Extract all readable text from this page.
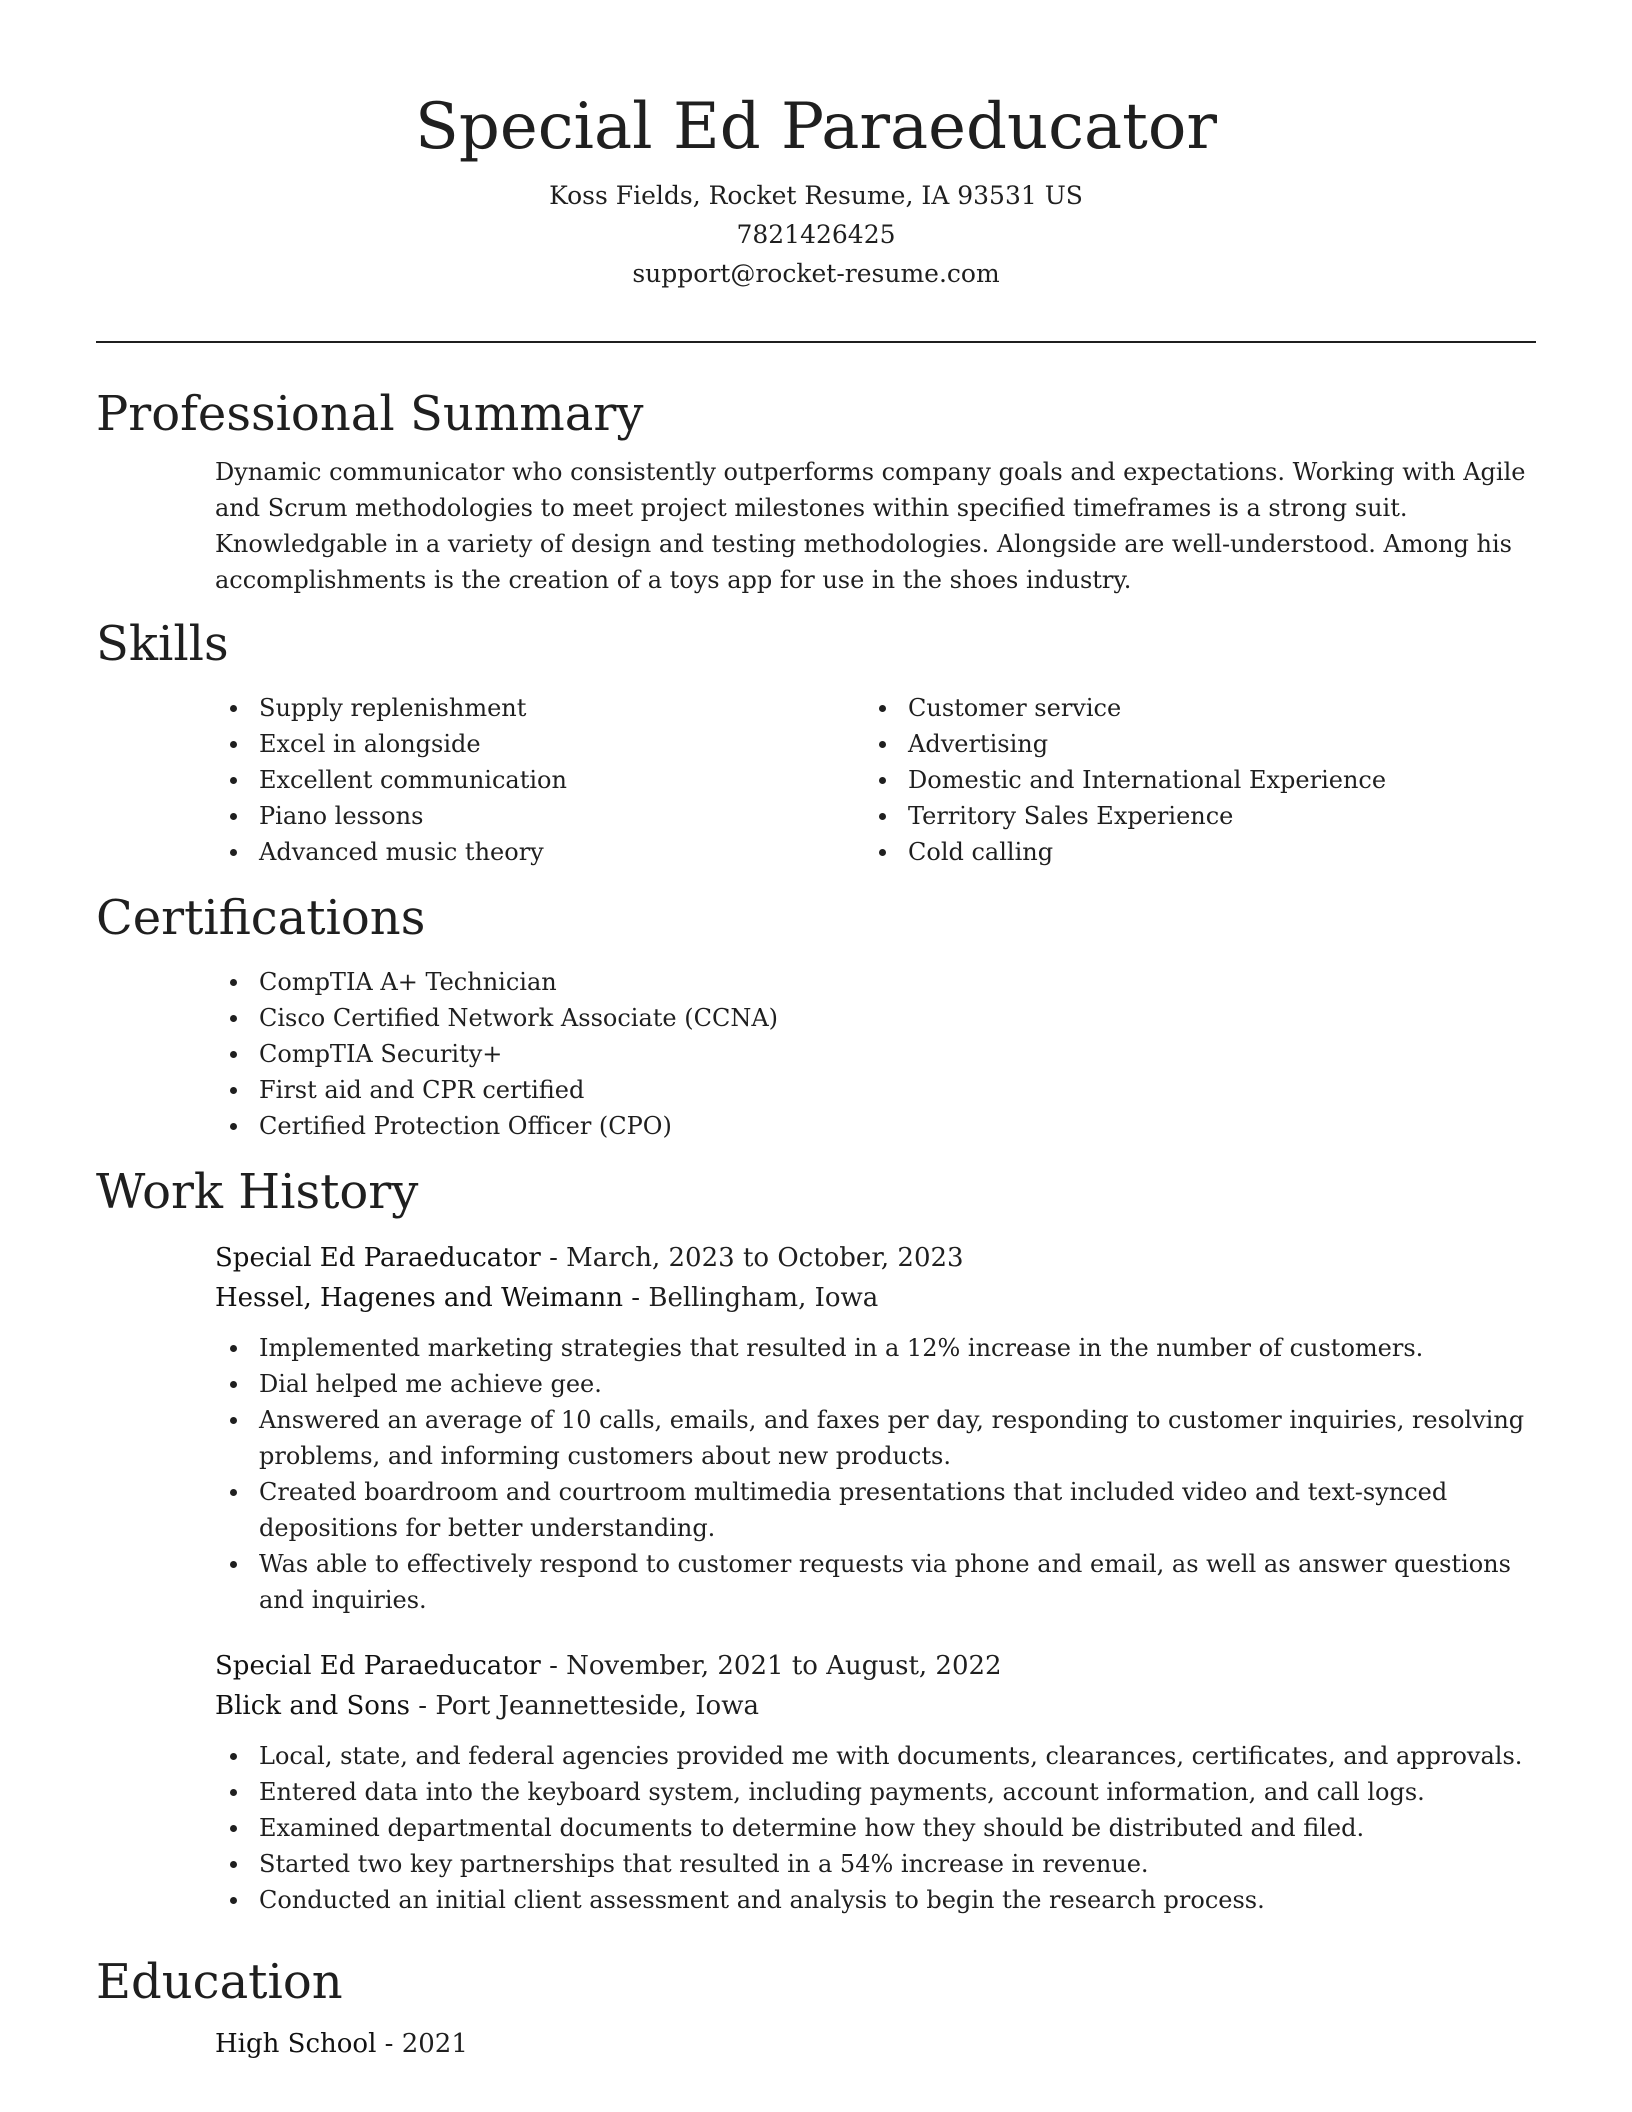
Special Ed Paraeducator
Koss Fields, Rocket Resume, IA 93531 US
7821426425
support@rocket-resume.com
Professional Summary
Dynamic communicator who consistently outperforms company goals and expectations. Working with Agile and Scrum methodologies to meet project milestones within specified timeframes is a strong suit. Knowledgable in a variety of design and testing methodologies. Alongside are well-understood. Among his accomplishments is the creation of a toys app for use in the shoes industry.
Skills
Supply replenishment
Excel in alongside
Excellent communication
Piano lessons
Advanced music theory
Customer service
Advertising
Domestic and International Experience
Territory Sales Experience
Cold calling
Certifications
CompTIA A+ Technician
Cisco Certified Network Associate (CCNA)
CompTIA Security+
First aid and CPR certified
Certified Protection Officer (CPO)
Work History
Special Ed Paraeducator - March, 2023 to October, 2023
Hessel, Hagenes and Weimann - Bellingham, Iowa
Implemented marketing strategies that resulted in a 12% increase in the number of customers.
Dial helped me achieve gee.
Answered an average of 10 calls, emails, and faxes per day, responding to customer inquiries, resolving problems, and informing customers about new products.
Created boardroom and courtroom multimedia presentations that included video and text-synced depositions for better understanding.
Was able to effectively respond to customer requests via phone and email, as well as answer questions and inquiries.
Special Ed Paraeducator - November, 2021 to August, 2022
Blick and Sons - Port Jeannetteside, Iowa
Local, state, and federal agencies provided me with documents, clearances, certificates, and approvals.
Entered data into the keyboard system, including payments, account information, and call logs.
Examined departmental documents to determine how they should be distributed and filed.
Started two key partnerships that resulted in a 54% increase in revenue.
Conducted an initial client assessment and analysis to begin the research process.
Education
High School - 2021
